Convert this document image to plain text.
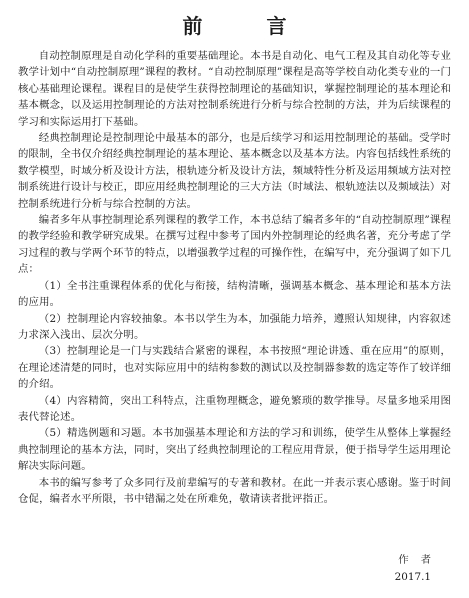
前　言

自动控制原理是自动化学科的重要基础理论。本书是自动化、电气工程及其自动化等专业教学计划中“自动控制原理”课程的教材。“自动控制原理”课程是高等学校自动化类专业的一门核心基础理论课程。课程目的是使学生获得控制理论的基础知识，掌握控制理论的基本理论和基本概念，以及运用控制理论的方法对控制系统进行分析与综合控制的方法，并为后续课程的学习和实际运用打下基础。

经典控制理论是控制理论中最基本的部分，也是后续学习和运用控制理论的基础。受学时的限制，全书仅介绍经典控制理论的基本理论、基本概念以及基本方法。内容包括线性系统的数学模型，时域分析及设计方法，根轨迹分析及设计方法，频域特性分析及运用频域方法对控制系统进行设计与校正，即应用经典控制理论的三大方法（时域法、根轨迹法以及频域法）对控制系统进行分析与综合控制的方法。

编者多年从事控制理论系列课程的教学工作，本书总结了编者多年的“自动控制原理”课程的教学经验和教学研究成果。在撰写过程中参考了国内外控制理论的经典名著，充分考虑了学习过程的教与学两个环节的特点，以增强教学过程的可操作性，在编写中，充分强调了如下几点：

（1）全书注重课程体系的优化与衔接，结构清晰，强调基本概念、基本理论和基本方法的应用。

（2）控制理论内容较抽象。本书以学生为本，加强能力培养，遵照认知规律，内容叙述力求深入浅出、层次分明。

（3）控制理论是一门与实践结合紧密的课程，本书按照“理论讲透、重在应用”的原则，在理论述清楚的同时，也对实际应用中的结构参数的测试以及控制器参数的选定等作了较详细的介绍。

（4）内容精简，突出工科特点，注重物理概念，避免繁琐的数学推导。尽量多地采用图表代替论述。

（5）精选例题和习题。本书加强基本理论和方法的学习和训练，使学生从整体上掌握经典控制理论的基本方法，同时，突出了经典控制理论的工程应用背景，便于指导学生运用理论解决实际问题。

本书的编写参考了众多同行及前辈编写的专著和教材。在此一并表示衷心感谢。鉴于时间仓促，编者水平所限，书中错漏之处在所难免，敬请读者批评指正。

作者
2017.1
